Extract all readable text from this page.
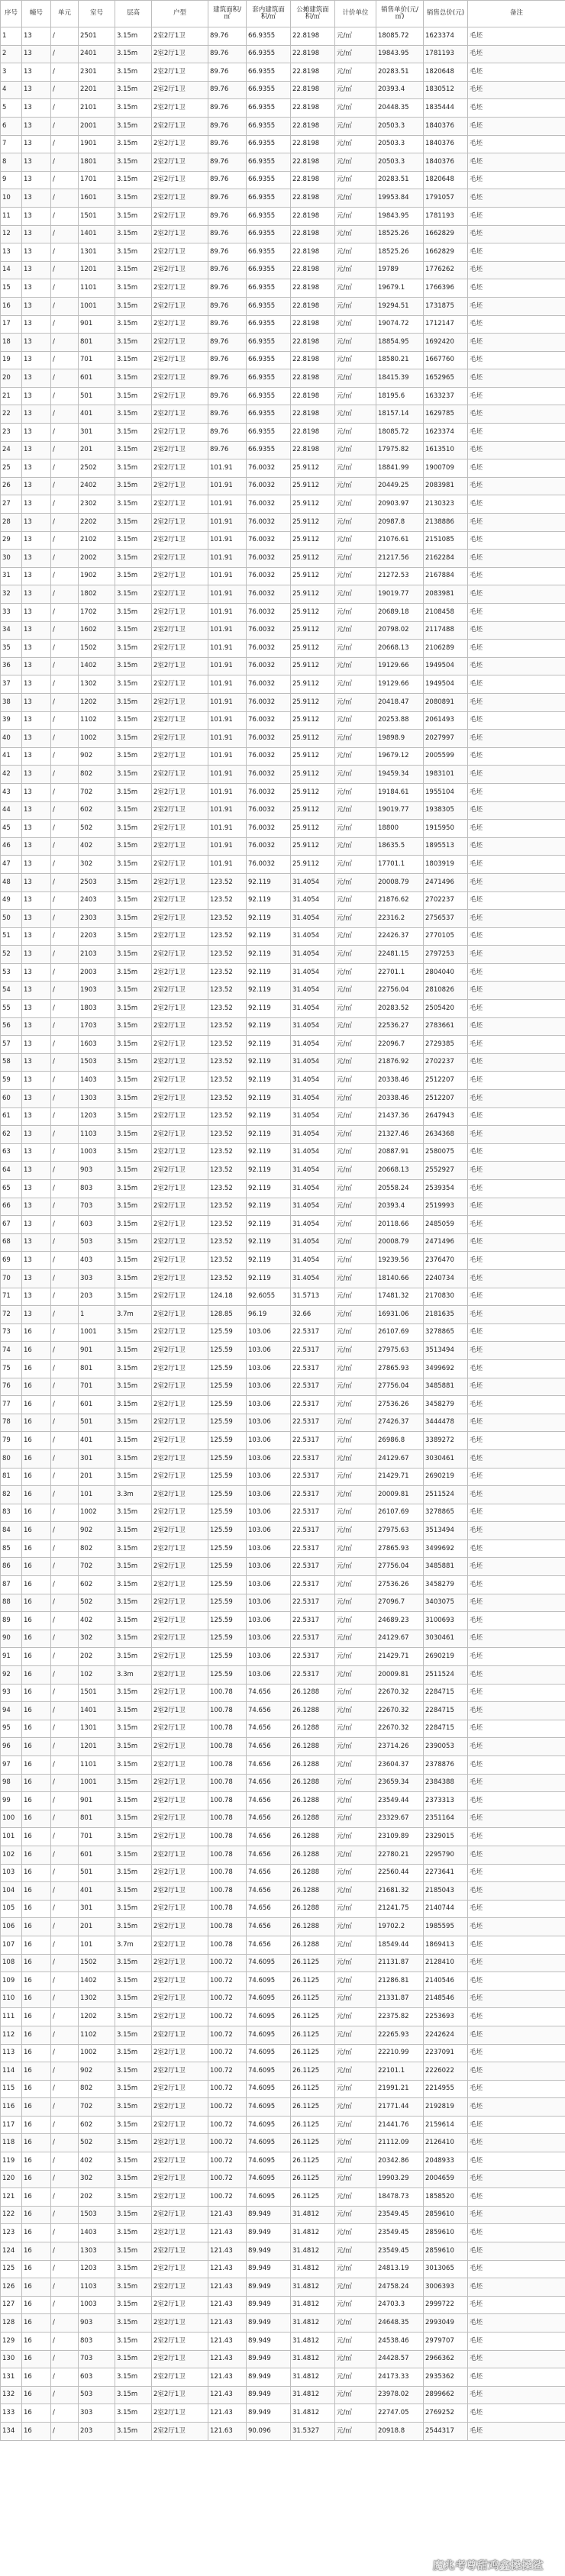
序号	幢号	单元	室号	层高	户型	建筑面积/㎡	套内建筑面积/㎡	公摊建筑面积/㎡	计价单位	销售单价(元/㎡)	销售总价(元)	备注
1	13	/	2501	3.15m	2室2厅1卫	89.76	66.9355	22.8198	元/㎡	18085.72	1623374	毛坯
2	13	/	2401	3.15m	2室2厅1卫	89.76	66.9355	22.8198	元/㎡	19843.95	1781193	毛坯
3	13	/	2301	3.15m	2室2厅1卫	89.76	66.9355	22.8198	元/㎡	20283.51	1820648	毛坯
4	13	/	2201	3.15m	2室2厅1卫	89.76	66.9355	22.8198	元/㎡	20393.4	1830512	毛坯
5	13	/	2101	3.15m	2室2厅1卫	89.76	66.9355	22.8198	元/㎡	20448.35	1835444	毛坯
6	13	/	2001	3.15m	2室2厅1卫	89.76	66.9355	22.8198	元/㎡	20503.3	1840376	毛坯
7	13	/	1901	3.15m	2室2厅1卫	89.76	66.9355	22.8198	元/㎡	20503.3	1840376	毛坯
8	13	/	1801	3.15m	2室2厅1卫	89.76	66.9355	22.8198	元/㎡	20503.3	1840376	毛坯
9	13	/	1701	3.15m	2室2厅1卫	89.76	66.9355	22.8198	元/㎡	20283.51	1820648	毛坯
10	13	/	1601	3.15m	2室2厅1卫	89.76	66.9355	22.8198	元/㎡	19953.84	1791057	毛坯
11	13	/	1501	3.15m	2室2厅1卫	89.76	66.9355	22.8198	元/㎡	19843.95	1781193	毛坯
12	13	/	1401	3.15m	2室2厅1卫	89.76	66.9355	22.8198	元/㎡	18525.26	1662829	毛坯
13	13	/	1301	3.15m	2室2厅1卫	89.76	66.9355	22.8198	元/㎡	18525.26	1662829	毛坯
14	13	/	1201	3.15m	2室2厅1卫	89.76	66.9355	22.8198	元/㎡	19789	1776262	毛坯
15	13	/	1101	3.15m	2室2厅1卫	89.76	66.9355	22.8198	元/㎡	19679.1	1766396	毛坯
16	13	/	1001	3.15m	2室2厅1卫	89.76	66.9355	22.8198	元/㎡	19294.51	1731875	毛坯
17	13	/	901	3.15m	2室2厅1卫	89.76	66.9355	22.8198	元/㎡	19074.72	1712147	毛坯
18	13	/	801	3.15m	2室2厅1卫	89.76	66.9355	22.8198	元/㎡	18854.95	1692420	毛坯
19	13	/	701	3.15m	2室2厅1卫	89.76	66.9355	22.8198	元/㎡	18580.21	1667760	毛坯
20	13	/	601	3.15m	2室2厅1卫	89.76	66.9355	22.8198	元/㎡	18415.39	1652965	毛坯
21	13	/	501	3.15m	2室2厅1卫	89.76	66.9355	22.8198	元/㎡	18195.6	1633237	毛坯
22	13	/	401	3.15m	2室2厅1卫	89.76	66.9355	22.8198	元/㎡	18157.14	1629785	毛坯
23	13	/	301	3.15m	2室2厅1卫	89.76	66.9355	22.8198	元/㎡	18085.72	1623374	毛坯
24	13	/	201	3.15m	2室2厅1卫	89.76	66.9355	22.8198	元/㎡	17975.82	1613510	毛坯
25	13	/	2502	3.15m	2室2厅1卫	101.91	76.0032	25.9112	元/㎡	18841.99	1900709	毛坯
26	13	/	2402	3.15m	2室2厅1卫	101.91	76.0032	25.9112	元/㎡	20449.25	2083981	毛坯
27	13	/	2302	3.15m	2室2厅1卫	101.91	76.0032	25.9112	元/㎡	20903.97	2130323	毛坯
28	13	/	2202	3.15m	2室2厅1卫	101.91	76.0032	25.9112	元/㎡	20987.8	2138886	毛坯
29	13	/	2102	3.15m	2室2厅1卫	101.91	76.0032	25.9112	元/㎡	21076.61	2151085	毛坯
30	13	/	2002	3.15m	2室2厅1卫	101.91	76.0032	25.9112	元/㎡	21217.56	2162284	毛坯
31	13	/	1902	3.15m	2室2厅1卫	101.91	76.0032	25.9112	元/㎡	21272.53	2167884	毛坯
32	13	/	1802	3.15m	2室2厅1卫	101.91	76.0032	25.9112	元/㎡	19019.77	2083981	毛坯
33	13	/	1702	3.15m	2室2厅1卫	101.91	76.0032	25.9112	元/㎡	20689.18	2108458	毛坯
34	13	/	1602	3.15m	2室2厅1卫	101.91	76.0032	25.9112	元/㎡	20798.02	2117488	毛坯
35	13	/	1502	3.15m	2室2厅1卫	101.91	76.0032	25.9112	元/㎡	20668.13	2106289	毛坯
36	13	/	1402	3.15m	2室2厅1卫	101.91	76.0032	25.9112	元/㎡	19129.66	1949504	毛坯
37	13	/	1302	3.15m	2室2厅1卫	101.91	76.0032	25.9112	元/㎡	19129.66	1949504	毛坯
38	13	/	1202	3.15m	2室2厅1卫	101.91	76.0032	25.9112	元/㎡	20418.47	2080891	毛坯
39	13	/	1102	3.15m	2室2厅1卫	101.91	76.0032	25.9112	元/㎡	20253.88	2061493	毛坯
40	13	/	1002	3.15m	2室2厅1卫	101.91	76.0032	25.9112	元/㎡	19898.9	2027997	毛坯
41	13	/	902	3.15m	2室2厅1卫	101.91	76.0032	25.9112	元/㎡	19679.12	2005599	毛坯
42	13	/	802	3.15m	2室2厅1卫	101.91	76.0032	25.9112	元/㎡	19459.34	1983101	毛坯
43	13	/	702	3.15m	2室2厅1卫	101.91	76.0032	25.9112	元/㎡	19184.61	1955104	毛坯
44	13	/	602	3.15m	2室2厅1卫	101.91	76.0032	25.9112	元/㎡	19019.77	1938305	毛坯
45	13	/	502	3.15m	2室2厅1卫	101.91	76.0032	25.9112	元/㎡	18800	1915950	毛坯
46	13	/	402	3.15m	2室2厅1卫	101.91	76.0032	25.9112	元/㎡	18635.5	1895513	毛坯
47	13	/	302	3.15m	2室2厅1卫	101.91	76.0032	25.9112	元/㎡	17701.1	1803919	毛坯
48	13	/	2503	3.15m	2室2厅1卫	123.52	92.119	31.4054	元/㎡	20008.79	2471496	毛坯
49	13	/	2403	3.15m	2室2厅1卫	123.52	92.119	31.4054	元/㎡	21876.62	2702237	毛坯
50	13	/	2303	3.15m	2室2厅1卫	123.52	92.119	31.4054	元/㎡	22316.2	2756537	毛坯
51	13	/	2203	3.15m	2室2厅1卫	123.52	92.119	31.4054	元/㎡	22426.37	2770105	毛坯
52	13	/	2103	3.15m	2室2厅1卫	123.52	92.119	31.4054	元/㎡	22481.15	2797253	毛坯
53	13	/	2003	3.15m	2室2厅1卫	123.52	92.119	31.4054	元/㎡	22701.1	2804040	毛坯
54	13	/	1903	3.15m	2室2厅1卫	123.52	92.119	31.4054	元/㎡	22756.04	2810826	毛坯
55	13	/	1803	3.15m	2室2厅1卫	123.52	92.119	31.4054	元/㎡	20283.52	2505420	毛坯
56	13	/	1703	3.15m	2室2厅1卫	123.52	92.119	31.4054	元/㎡	22536.27	2783661	毛坯
57	13	/	1603	3.15m	2室2厅1卫	123.52	92.119	31.4054	元/㎡	22096.7	2729385	毛坯
58	13	/	1503	3.15m	2室2厅1卫	123.52	92.119	31.4054	元/㎡	21876.92	2702237	毛坯
59	13	/	1403	3.15m	2室2厅1卫	123.52	92.119	31.4054	元/㎡	20338.46	2512207	毛坯
60	13	/	1303	3.15m	2室2厅1卫	123.52	92.119	31.4054	元/㎡	20338.46	2512207	毛坯
61	13	/	1203	3.15m	2室2厅1卫	123.52	92.119	31.4054	元/㎡	21437.36	2647943	毛坯
62	13	/	1103	3.15m	2室2厅1卫	123.52	92.119	31.4054	元/㎡	21327.46	2634368	毛坯
63	13	/	1003	3.15m	2室2厅1卫	123.52	92.119	31.4054	元/㎡	20887.91	2580075	毛坯
64	13	/	903	3.15m	2室2厅1卫	123.52	92.119	31.4054	元/㎡	20668.13	2552927	毛坯
65	13	/	803	3.15m	2室2厅1卫	123.52	92.119	31.4054	元/㎡	20558.24	2539354	毛坯
66	13	/	703	3.15m	2室2厅1卫	123.52	92.119	31.4054	元/㎡	20393.4	2519993	毛坯
67	13	/	603	3.15m	2室2厅1卫	123.52	92.119	31.4054	元/㎡	20118.66	2485059	毛坯
68	13	/	503	3.15m	2室2厅1卫	123.52	92.119	31.4054	元/㎡	20008.79	2471496	毛坯
69	13	/	403	3.15m	2室2厅1卫	123.52	92.119	31.4054	元/㎡	19239.56	2376470	毛坯
70	13	/	303	3.15m	2室2厅1卫	123.52	92.119	31.4054	元/㎡	18140.66	2240734	毛坯
71	13	/	203	3.15m	2室2厅1卫	124.18	92.6055	31.5713	元/㎡	17481.32	2170830	毛坯
72	13	/	1	3.7m	2室2厅1卫	128.85	96.19	32.66	元/㎡	16931.06	2181635	毛坯
73	16	/	1001	3.15m	2室2厅1卫	125.59	103.06	22.5317	元/㎡	26107.69	3278865	毛坯
74	16	/	901	3.15m	2室2厅1卫	125.59	103.06	22.5317	元/㎡	27975.63	3513494	毛坯
75	16	/	801	3.15m	2室2厅1卫	125.59	103.06	22.5317	元/㎡	27865.93	3499692	毛坯
76	16	/	701	3.15m	2室2厅1卫	125.59	103.06	22.5317	元/㎡	27756.04	3485881	毛坯
77	16	/	601	3.15m	2室2厅1卫	125.59	103.06	22.5317	元/㎡	27536.26	3458279	毛坯
78	16	/	501	3.15m	2室2厅1卫	125.59	103.06	22.5317	元/㎡	27426.37	3444478	毛坯
79	16	/	401	3.15m	2室2厅1卫	125.59	103.06	22.5317	元/㎡	26986.8	3389272	毛坯
80	16	/	301	3.15m	2室2厅1卫	125.59	103.06	22.5317	元/㎡	24129.67	3030461	毛坯
81	16	/	201	3.15m	2室2厅1卫	125.59	103.06	22.5317	元/㎡	21429.71	2690219	毛坯
82	16	/	101	3.3m	2室2厅1卫	125.59	103.06	22.5317	元/㎡	20009.81	2511524	毛坯
83	16	/	1002	3.15m	2室2厅1卫	125.59	103.06	22.5317	元/㎡	26107.69	3278865	毛坯
84	16	/	902	3.15m	2室2厅1卫	125.59	103.06	22.5317	元/㎡	27975.63	3513494	毛坯
85	16	/	802	3.15m	2室2厅1卫	125.59	103.06	22.5317	元/㎡	27865.93	3499692	毛坯
86	16	/	702	3.15m	2室2厅1卫	125.59	103.06	22.5317	元/㎡	27756.04	3485881	毛坯
87	16	/	602	3.15m	2室2厅1卫	125.59	103.06	22.5317	元/㎡	27536.26	3458279	毛坯
88	16	/	502	3.15m	2室2厅1卫	125.59	103.06	22.5317	元/㎡	27096.7	3403075	毛坯
89	16	/	402	3.15m	2室2厅1卫	125.59	103.06	22.5317	元/㎡	24689.23	3100693	毛坯
90	16	/	302	3.15m	2室2厅1卫	125.59	103.06	22.5317	元/㎡	24129.67	3030461	毛坯
91	16	/	202	3.15m	2室2厅1卫	125.59	103.06	22.5317	元/㎡	21429.71	2690219	毛坯
92	16	/	102	3.3m	2室2厅1卫	125.59	103.06	22.5317	元/㎡	20009.81	2511524	毛坯
93	16	/	1501	3.15m	2室2厅1卫	100.78	74.656	26.1288	元/㎡	22670.32	2284715	毛坯
94	16	/	1401	3.15m	2室2厅1卫	100.78	74.656	26.1288	元/㎡	22670.32	2284715	毛坯
95	16	/	1301	3.15m	2室2厅1卫	100.78	74.656	26.1288	元/㎡	22670.32	2284715	毛坯
96	16	/	1201	3.15m	2室2厅1卫	100.78	74.656	26.1288	元/㎡	23714.26	2390053	毛坯
97	16	/	1101	3.15m	2室2厅1卫	100.78	74.656	26.1288	元/㎡	23604.37	2378876	毛坯
98	16	/	1001	3.15m	2室2厅1卫	100.78	74.656	26.1288	元/㎡	23659.34	2384388	毛坯
99	16	/	901	3.15m	2室2厅1卫	100.78	74.656	26.1288	元/㎡	23549.44	2373313	毛坯
100	16	/	801	3.15m	2室2厅1卫	100.78	74.656	26.1288	元/㎡	23329.67	2351164	毛坯
101	16	/	701	3.15m	2室2厅1卫	100.78	74.656	26.1288	元/㎡	23109.89	2329015	毛坯
102	16	/	601	3.15m	2室2厅1卫	100.78	74.656	26.1288	元/㎡	22780.21	2295790	毛坯
103	16	/	501	3.15m	2室2厅1卫	100.78	74.656	26.1288	元/㎡	22560.44	2273641	毛坯
104	16	/	401	3.15m	2室2厅1卫	100.78	74.656	26.1288	元/㎡	21681.32	2185043	毛坯
105	16	/	301	3.15m	2室2厅1卫	100.78	74.656	26.1288	元/㎡	21241.75	2140744	毛坯
106	16	/	201	3.15m	2室2厅1卫	100.78	74.656	26.1288	元/㎡	19702.2	1985595	毛坯
107	16	/	101	3.7m	2室2厅1卫	100.78	74.656	26.1288	元/㎡	18549.44	1869413	毛坯
108	16	/	1502	3.15m	2室2厅1卫	100.72	74.6095	26.1125	元/㎡	21131.87	2128410	毛坯
109	16	/	1402	3.15m	2室2厅1卫	100.72	74.6095	26.1125	元/㎡	21286.81	2140546	毛坯
110	16	/	1302	3.15m	2室2厅1卫	100.72	74.6095	26.1125	元/㎡	21331.87	2148546	毛坯
111	16	/	1202	3.15m	2室2厅1卫	100.72	74.6095	26.1125	元/㎡	22375.82	2253693	毛坯
112	16	/	1102	3.15m	2室2厅1卫	100.72	74.6095	26.1125	元/㎡	22265.93	2242624	毛坯
113	16	/	1002	3.15m	2室2厅1卫	100.72	74.6095	26.1125	元/㎡	22210.99	2237091	毛坯
114	16	/	902	3.15m	2室2厅1卫	100.72	74.6095	26.1125	元/㎡	22101.1	2226022	毛坯
115	16	/	802	3.15m	2室2厅1卫	100.72	74.6095	26.1125	元/㎡	21991.21	2214955	毛坯
116	16	/	702	3.15m	2室2厅1卫	100.72	74.6095	26.1125	元/㎡	21771.44	2192819	毛坯
117	16	/	602	3.15m	2室2厅1卫	100.72	74.6095	26.1125	元/㎡	21441.76	2159614	毛坯
118	16	/	502	3.15m	2室2厅1卫	100.72	74.6095	26.1125	元/㎡	21112.09	2126410	毛坯
119	16	/	402	3.15m	2室2厅1卫	100.72	74.6095	26.1125	元/㎡	20342.86	2048933	毛坯
120	16	/	302	3.15m	2室2厅1卫	100.72	74.6095	26.1125	元/㎡	19903.29	2004659	毛坯
121	16	/	202	3.15m	2室2厅1卫	100.72	74.6095	26.1125	元/㎡	18478.73	1858520	毛坯
122	16	/	1503	3.15m	2室2厅1卫	121.43	89.949	31.4812	元/㎡	23549.45	2859610	毛坯
123	16	/	1403	3.15m	2室2厅1卫	121.43	89.949	31.4812	元/㎡	23549.45	2859610	毛坯
124	16	/	1303	3.15m	2室2厅1卫	121.43	89.949	31.4812	元/㎡	23549.45	2859610	毛坯
125	16	/	1203	3.15m	2室2厅1卫	121.43	89.949	31.4812	元/㎡	24813.19	3013065	毛坯
126	16	/	1103	3.15m	2室2厅1卫	121.43	89.949	31.4812	元/㎡	24758.24	3006393	毛坯
127	16	/	1003	3.15m	2室2厅1卫	121.43	89.949	31.4812	元/㎡	24703.3	2999722	毛坯
128	16	/	903	3.15m	2室2厅1卫	121.43	89.949	31.4812	元/㎡	24648.35	2993049	毛坯
129	16	/	803	3.15m	2室2厅1卫	121.43	89.949	31.4812	元/㎡	24538.46	2979707	毛坯
130	16	/	703	3.15m	2室2厅1卫	121.43	89.949	31.4812	元/㎡	24428.57	2966362	毛坯
131	16	/	603	3.15m	2室2厅1卫	121.43	89.949	31.4812	元/㎡	24173.33	2935362	毛坯
132	16	/	503	3.15m	2室2厅1卫	121.43	89.949	31.4812	元/㎡	23978.02	2899662	毛坯
133	16	/	303	3.15m	2室2厅1卫	121.43	89.949	31.4812	元/㎡	22747.05	2769252	毛坯
134	16	/	203	3.15m	2室2厅1卫	121.63	90.096	31.5327	元/㎡	20918.8	2544317	毛坯
魔兆考尊甜鸡鑫搡搡鲨
